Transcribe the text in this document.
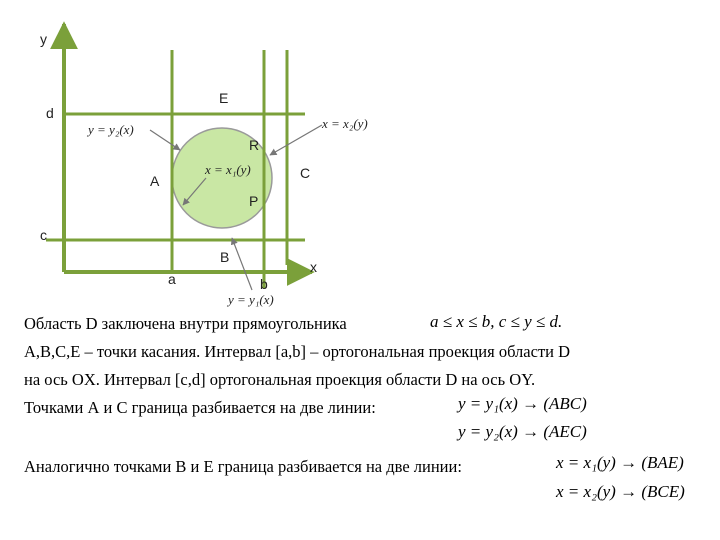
y
x
d
c
a	b
E
R
C
A
P
B
y = y₂(x)	x = x₂(y)
x = x₁(y)
y = y₁(x)
Область D заключена внутри прямоугольника	a ≤ x ≤ b, c ≤ y ≤ d.
A,B,C,E – точки касания. Интервал [a,b] – ортогональная проекция области D
на ось OX. Интервал [c,d] ортогональная проекция области D на ось OY.
Точками А и С граница разбивается на две линии:	y = y₁(x) → (ABC)
y = y₂(x) → (AEC)
Аналогично точками В и Е граница разбивается на две линии:	x = x₁(y) → (BAE)
x = x₂(y) → (BCE)
